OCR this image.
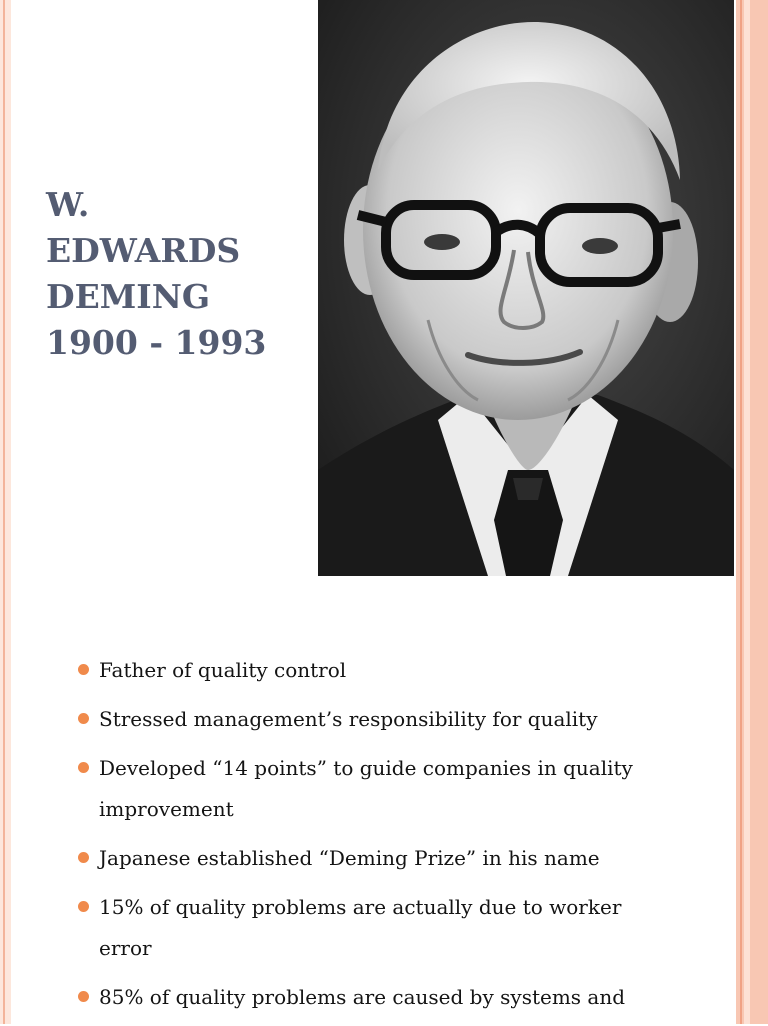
W.
EDWARDS
DEMING
1900 - 1993
Father of quality control
Stressed management’s responsibility for quality
Developed “14 points” to guide companies in quality improvement
Japanese established “Deming Prize” in his name
15% of quality problems are actually due to worker error
85% of quality problems are caused by systems and
